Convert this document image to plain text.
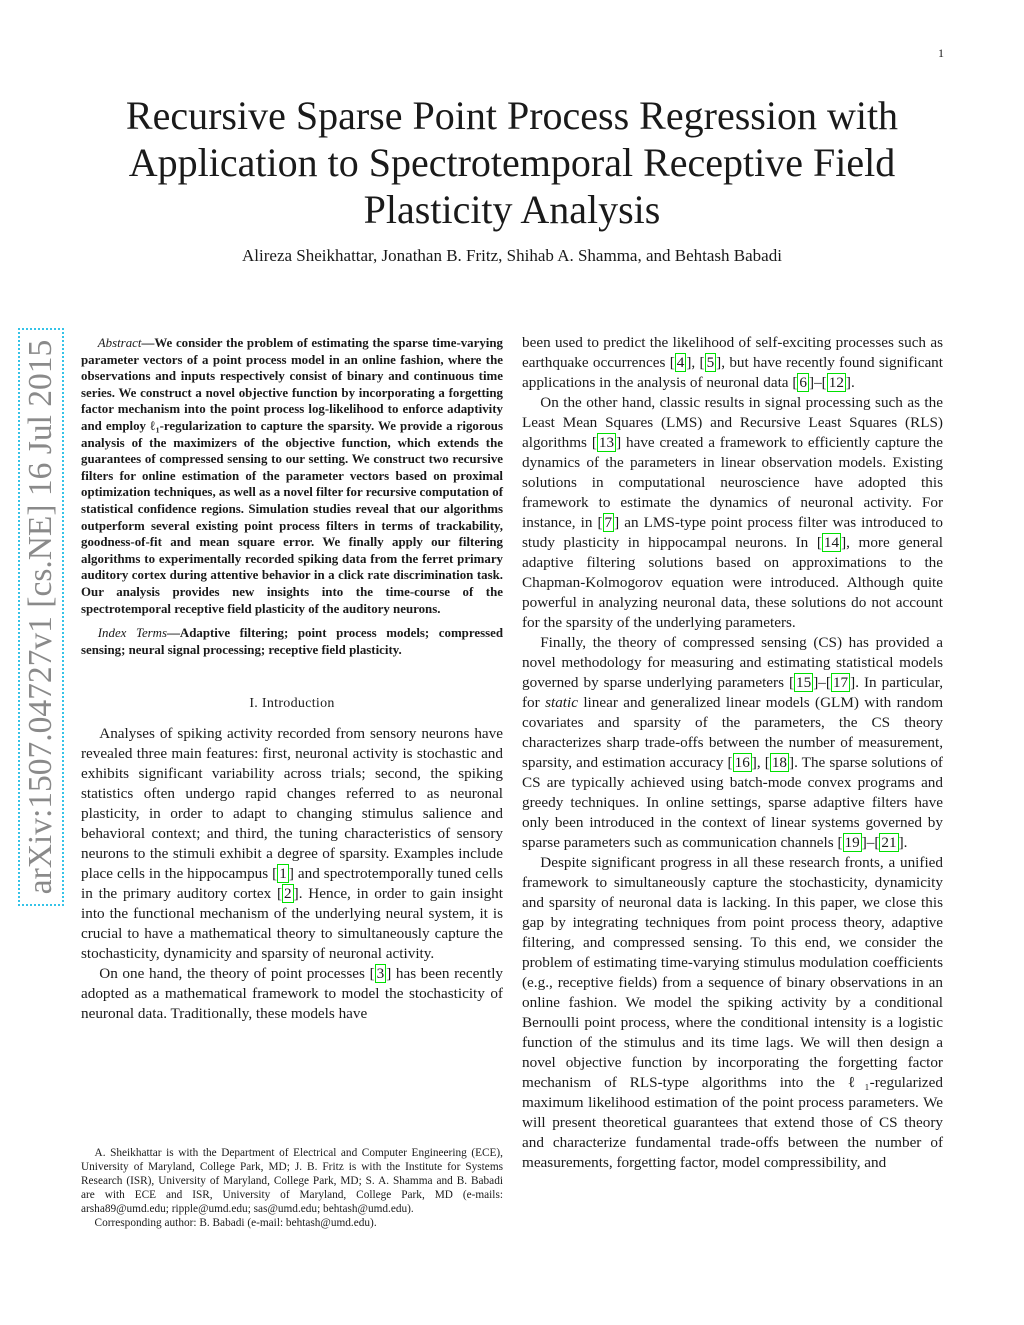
1
arXiv:1507.04727v1 [cs.NE] 16 Jul 2015
Recursive Sparse Point Process Regression with
Application to Spectrotemporal Receptive Field
Plasticity Analysis
Alireza Sheikhattar, Jonathan B. Fritz, Shihab A. Shamma, and Behtash Babadi

Abstract—We consider the problem of estimating the sparse time-varying parameter vectors of a point process model in an online fashion, where the observations and inputs respectively consist of binary and continuous time series. We construct a novel objective function by incorporating a forgetting factor mechanism into the point process log-likelihood to enforce adaptivity and employ ℓ₁-regularization to capture the sparsity. We provide a rigorous analysis of the maximizers of the objective function, which extends the guarantees of compressed sensing to our setting. We construct two recursive filters for online estimation of the parameter vectors based on proximal optimization techniques, as well as a novel filter for recursive computation of statistical confidence regions. Simulation studies reveal that our algorithms outperform several existing point process filters in terms of trackability, goodness-of-fit and mean square error. We finally apply our filtering algorithms to experimentally recorded spiking data from the ferret primary auditory cortex during attentive behavior in a click rate discrimination task. Our analysis provides new insights into the time-course of the spectrotemporal receptive field plasticity of the auditory neurons.

Index Terms—Adaptive filtering; point process models; compressed sensing; neural signal processing; receptive field plasticity.

I. Introduction

Analyses of spiking activity recorded from sensory neurons have revealed three main features: first, neuronal activity is stochastic and exhibits significant variability across trials; second, the spiking statistics often undergo rapid changes referred to as neuronal plasticity, in order to adapt to changing stimulus salience and behavioral context; and third, the tuning characteristics of sensory neurons to the stimuli exhibit a degree of sparsity. Examples include place cells in the hippocampus [ 1 ] and spectrotemporally tuned cells in the primary auditory cortex [ 2 ]. Hence, in order to gain insight into the functional mechanism of the underlying neural system, it is crucial to have a mathematical theory to simultaneously capture the stochasticity, dynamicity and sparsity of neuronal activity.

On one hand, the theory of point processes [ 3 ] has been recently adopted as a mathematical framework to model the stochasticity of neuronal data. Traditionally, these models have

been used to predict the likelihood of self-exciting processes such as earthquake occurrences [ 4 ], [ 5 ], but have recently found significant applications in the analysis of neuronal data [ 6 ]–[ 12 ].

On the other hand, classic results in signal processing such as the Least Mean Squares (LMS) and Recursive Least Squares (RLS) algorithms [ 13 ] have created a framework to efficiently capture the dynamics of the parameters in linear observation models. Existing solutions in computational neuroscience have adopted this framework to estimate the dynamics of neuronal activity. For instance, in [ 7 ] an LMS-type point process filter was introduced to study plasticity in hippocampal neurons. In [ 14 ], more general adaptive filtering solutions based on approximations to the Chapman-Kolmogorov equation were introduced. Although quite powerful in analyzing neuronal data, these solutions do not account for the sparsity of the underlying parameters.

Finally, the theory of compressed sensing (CS) has provided a novel methodology for measuring and estimating statistical models governed by sparse underlying parameters [ 15 ]–[ 17 ]. In particular, for static linear and generalized linear models (GLM) with random covariates and sparsity of the parameters, the CS theory characterizes sharp trade-offs between the number of measurement, sparsity, and estimation accuracy [ 16 ], [ 18 ]. The sparse solutions of CS are typically achieved using batch-mode convex programs and greedy techniques. In online settings, sparse adaptive filters have only been introduced in the context of linear systems governed by sparse parameters such as communication channels [ 19 ]–[ 21 ].

Despite significant progress in all these research fronts, a unified framework to simultaneously capture the stochasticity, dynamicity and sparsity of neuronal data is lacking. In this paper, we close this gap by integrating techniques from point process theory, adaptive filtering, and compressed sensing. To this end, we consider the problem of estimating time-varying stimulus modulation coefficients (e.g., receptive fields) from a sequence of binary observations in an online fashion. We model the spiking activity by a conditional Bernoulli point process, where the conditional intensity is a logistic function of the stimulus and its time lags. We will then design a novel objective function by incorporating the forgetting factor mechanism of RLS-type algorithms into the ℓ₁-regularized maximum likelihood estimation of the point process parameters. We will present theoretical guarantees that extend those of CS theory and characterize fundamental trade-offs between the number of measurements, forgetting factor, model compressibility, and

A. Sheikhattar is with the Department of Electrical and Computer Engineering (ECE), University of Maryland, College Park, MD; J. B. Fritz is with the Institute for Systems Research (ISR), University of Maryland, College Park, MD; S. A. Shamma and B. Babadi are with ECE and ISR, University of Maryland, College Park, MD (e-mails: arsha89@umd.edu; ripple@umd.edu; sas@umd.edu; behtash@umd.edu).

Corresponding author: B. Babadi (e-mail: behtash@umd.edu).
